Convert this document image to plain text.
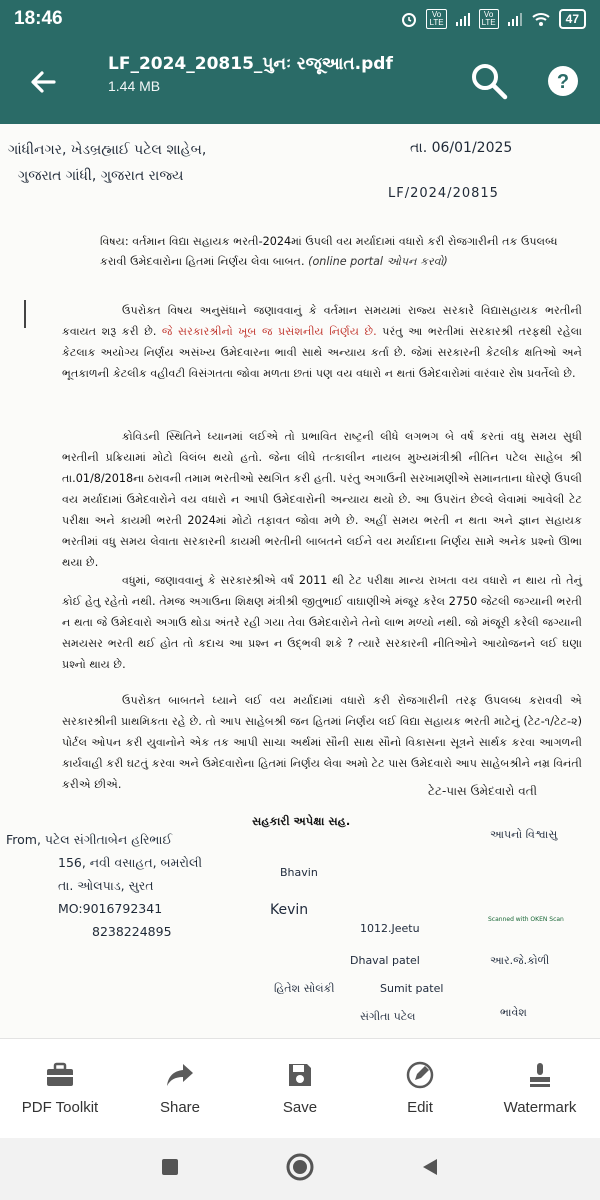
18:46	Vo
LTE
Vo
LTE	47
LF_2024_20815_પુનઃ રજૂઆત.pdf
1.44 MB	?
ગાંધીનગર, ખેડબ્રહ્માઈ પટેલ શાહેબ,
ગુજરાત ગાંધી, ગુજરાત રાજ્ય
તા. 06/01/2025
LF/2024/20815
વિષય: વર્તમાન વિદ્યા સહાયક ભરતી-2024માં ઉપલી વય મર્યાદામાં વધારો કરી રોજગારીની તક ઉપલબ્ધ કરાવી ઉમેદવારોના હિતમાં નિર્ણય લેવા બાબત. (online portal ઓપન કરવો)
ઉપરોક્ત વિષય અનુસંધાને જણાવવાનું કે વર્તમાન સમયમાં રાજ્ય સરકારે વિદ્યાસહાયક ભરતીની કવાયત શરૂ કરી છે. જે સરકારશ્રીનો ખૂબ જ પ્રસંશનીય નિર્ણય છે. પરંતુ આ ભરતીમાં સરકારશ્રી તરફથી રહેલા કેટલાક અયોગ્ય નિર્ણય અસંખ્ય ઉમેદવારના ભાવી સાથે અન્યાય કર્તા છે. જેમાં સરકારની કેટલીક ક્ષતિઓ અને ભૂતકાળની કેટલીક વહીવટી વિસંગતતા જોવા મળતા છતાં પણ વય વધારો ન થતાં ઉમેદવારોમાં વારંવાર રોષ પ્રવર્તેલો છે.
કોવિડની સ્થિતિને ધ્યાનમાં લઈએ તો પ્રભાવિત રાષ્ટ્રની લીધે લગભગ બે વર્ષ કરતાં વધુ સમય સુધી ભરતીની પ્રક્રિયામાં મોટો વિલંબ થયો હતો. જેના લીધે તત્કાલીન નાયબ મુખ્યમંત્રીશ્રી નીતિન પટેલ સાહેબ શ્રી તા.01/8/2018ના ઠરાવની તમામ ભરતીઓ સ્થગિત કરી હતી. પરંતુ અગાઉની સરખામણીએ સમાનતાના ધોરણે ઉપલી વય મર્યાદામાં ઉમેદવારોને વય વધારો ન આપી ઉમેદવારોની અન્યાય થયો છે. આ ઉપરાંત છેલ્લે લેવામાં આવેલી ટેટ પરીક્ષા અને કાયમી ભરતી 2024માં મોટો તફાવત જોવા મળે છે. અહીં સમય ભરતી ન થતા અને જ્ઞાન સહાયક ભરતીમાં વધુ સમય લેવાતા સરકારની કાયમી ભરતીની બાબતને લઈને વય મર્યાદાના નિર્ણય સામે અનેક પ્રશ્નો ઊભા થયા છે.
વધુમાં, જણાવવાનું કે સરકારશ્રીએ વર્ષ 2011 થી ટેટ પરીક્ષા માન્ય રાખતા વય વધારો ન થાય તો તેનું કોઈ હેતુ રહેતો નથી. તેમજ અગાઉના શિક્ષણ મંત્રીશ્રી જીતુભાઈ વાઘાણીએ મંજૂર કરેલ 2750 જેટલી જગ્યાની ભરતી ન થતા જે ઉમેદવારો અગાઉ થોડા અંતરે રહી ગયા તેવા ઉમેદવારોને તેનો લાભ મળ્યો નથી. જો મંજૂરી કરેલી જગ્યાની સમયસર ભરતી થઈ હોત તો કદાચ આ પ્રશ્ન ન ઉદ્ભવી શકે ? ત્યારે સરકારની નીતિઓને આયોજનને લઈ ઘણા પ્રશ્નો થાય છે.
ઉપરોક્ત બાબતને ધ્યાને લઈ વય મર્યાદામાં વધારો કરી રોજગારીની તરફ ઉપલબ્ધ કરાવવી એ સરકારશ્રીની પ્રાથમિકતા રહે છે. તો આપ સાહેબશ્રી જન હિતમાં નિર્ણય લઈ વિદ્યા સહાયક ભરતી માટેનું (ટેટ-૧/ટેટ-૨) પોર્ટલ ઓપન કરી યુવાનોને એક તક આપી સાચા અર્થમાં સૌની સાથ સૌનો વિકાસના સૂત્રને સાર્થક કરવા આગળની કાર્યવાહી કરી ઘટતું કરવા અને ઉમેદવારોના હિતમાં નિર્ણય લેવા અમો ટેટ પાસ ઉમેદવારો આપ સાહેબશ્રીને નમ્ર વિનંતી કરીએ છીએ.	ટેટ-પાસ ઉમેદવારો વતી
સહકારી અપેક્ષા સહ.
From, પટેલ સંગીતાબેન હરિભાઈ
156, નવી વસાહત, બમરોલી
તા. ઓલપાડ, સુરત
MO:9016792341
8238224895
આપનો વિશ્વાસુ
Bhavin
Kevin
1012.Jeetu
Dhaval patel
Sumit patel
હિતેશ સોલંકી
સંગીતા પટેલ	ભાવેશ
આર.જે.કોળી
Scanned with OKEN Scan
PDF Toolkit	Share	Save	Edit	Watermark
